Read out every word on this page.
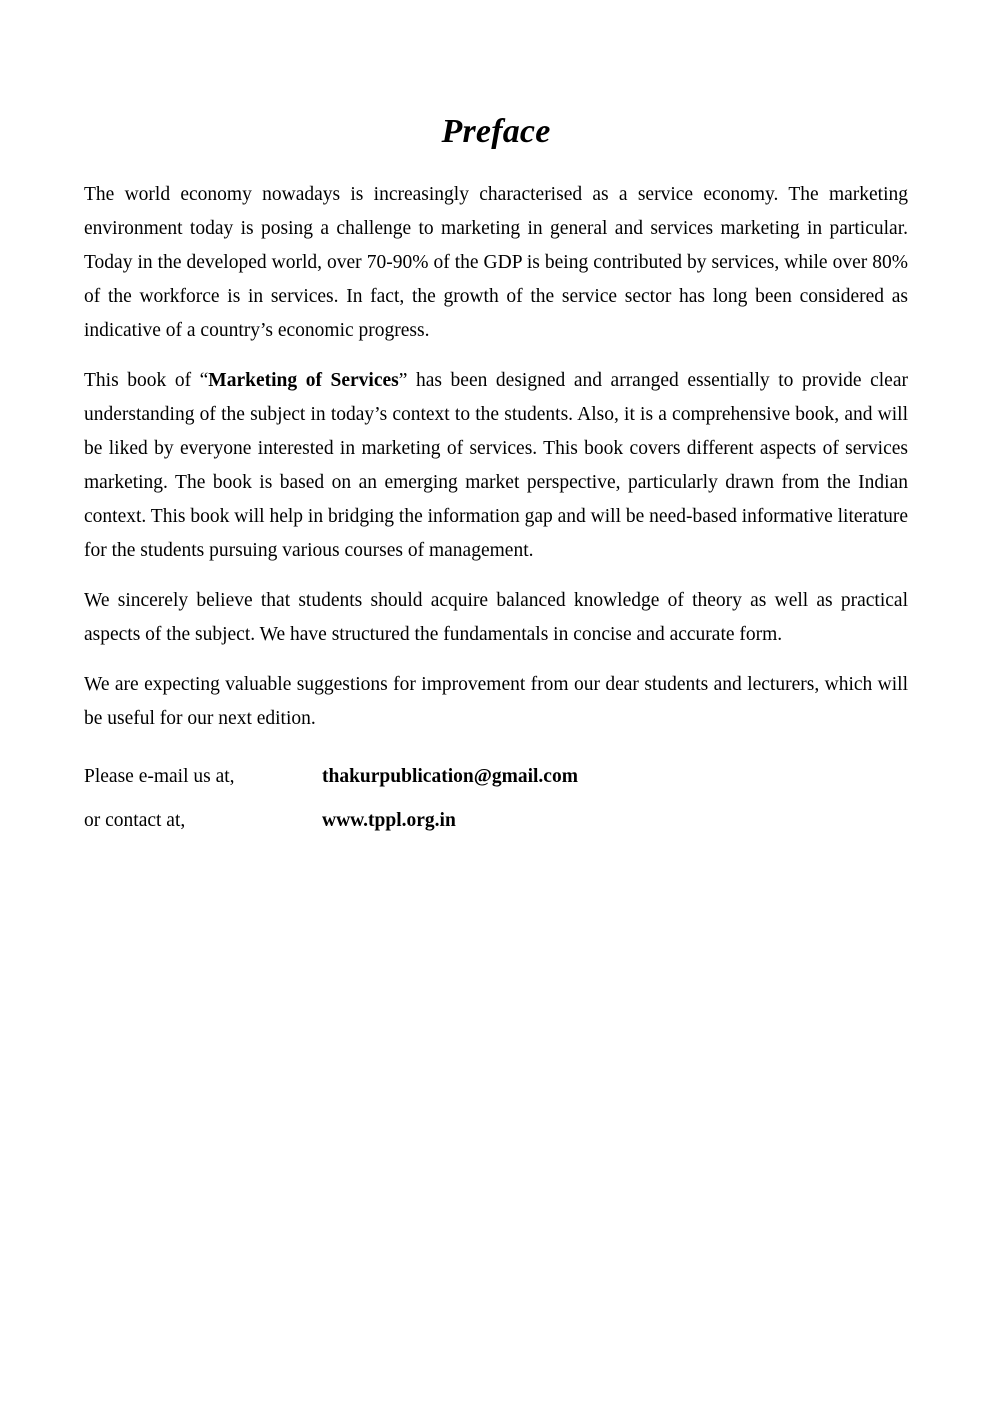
Preface

The world economy nowadays is increasingly characterised as a service economy. The marketing environment today is posing a challenge to marketing in general and services marketing in particular. Today in the developed world, over 70-90% of the GDP is being contributed by services, while over 80% of the workforce is in services. In fact, the growth of the service sector has long been considered as indicative of a country’s economic progress.

This book of “Marketing of Services” has been designed and arranged essentially to provide clear understanding of the subject in today’s context to the students. Also, it is a comprehensive book, and will be liked by everyone interested in marketing of services. This book covers different aspects of services marketing. The book is based on an emerging market perspective, particularly drawn from the Indian context. This book will help in bridging the information gap and will be need-based informative literature for the students pursuing various courses of management.

We sincerely believe that students should acquire balanced knowledge of theory as well as practical aspects of the subject. We have structured the fundamentals in concise and accurate form.

We are expecting valuable suggestions for improvement from our dear students and lecturers, which will be useful for our next edition.

Please e-mail us at,	thakurpublication@gmail.com
or contact at,	www.tppl.org.in
